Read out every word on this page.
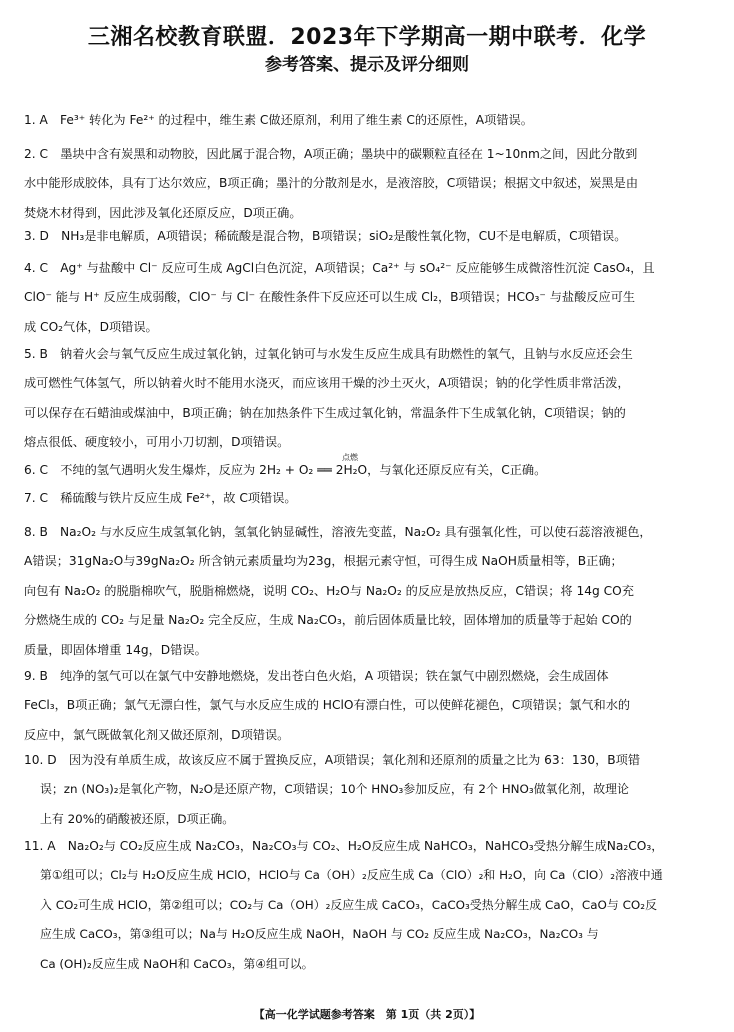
三湘名校教育联盟．2023年下学期高一期中联考．化学
参考答案、提示及评分细则

1. A　Fe³⁺ 转化为 Fe²⁺ 的过程中，维生素 C做还原剂，利用了维生素 C的还原性，A项错误。

2. C　墨块中含有炭黑和动物胶，因此属于混合物，A项正确；墨块中的碳颗粒直径在 1~10nm之间，因此分散到

水中能形成胶体，具有丁达尔效应，B项正确；墨汁的分散剂是水，是液溶胶，C项错误；根据文中叙述，炭黑是由

焚烧木材得到，因此涉及氧化还原反应，D项正确。

3. D　NH₃是非电解质，A项错误；稀硫酸是混合物，B项错误；siO₂是酸性氧化物，CU不是电解质，C项错误。

4. C　Ag⁺ 与盐酸中 Cl⁻ 反应可生成 AgCl白色沉淀，A项错误；Ca²⁺ 与 sO₄²⁻ 反应能够生成微溶性沉淀 CasO₄，且

ClO⁻ 能与 H⁺ 反应生成弱酸，ClO⁻ 与 Cl⁻ 在酸性条件下反应还可以生成 Cl₂，B项错误；HCO₃⁻ 与盐酸反应可生

成 CO₂气体，D项错误。

5. B　钠着火会与氧气反应生成过氧化钠，过氧化钠可与水发生反应生成具有助燃性的氧气，且钠与水反应还会生

成可燃性气体氢气，所以钠着火时不能用水浇灭，而应该用干燥的沙土灭火，A项错误；钠的化学性质非常活泼，

可以保存在石蜡油或煤油中，B项正确；钠在加热条件下生成过氧化钠，常温条件下生成氧化钠，C项错误；钠的

熔点很低、硬度较小，可用小刀切割，D项错误。

点燃

6. C　不纯的氢气遇明火发生爆炸，反应为 2H₂ + O₂ ══ 2H₂O，与氧化还原反应有关，C正确。

7. C　稀硫酸与铁片反应生成 Fe²⁺，故 C项错误。

8. B　Na₂O₂ 与水反应生成氢氧化钠，氢氧化钠显碱性，溶液先变蓝，Na₂O₂ 具有强氧化性，可以使石蕊溶液褪色，

A错误；31gNa₂O与39gNa₂O₂ 所含钠元素质量均为23g，根据元素守恒，可得生成 NaOH质量相等，B正确；

向包有 Na₂O₂ 的脱脂棉吹气，脱脂棉燃烧，说明 CO₂、H₂O与 Na₂O₂ 的反应是放热反应，C错误；将 14g CO充

分燃烧生成的 CO₂ 与足量 Na₂O₂ 完全反应，生成 Na₂CO₃，前后固体质量比较，固体增加的质量等于起始 CO的

质量，即固体增重 14g，D错误。

9. B　纯净的氢气可以在氯气中安静地燃烧，发出苍白色火焰，A 项错误；铁在氯气中剧烈燃烧，会生成固体

FeCl₃，B项正确；氯气无漂白性，氯气与水反应生成的 HClO有漂白性，可以使鲜花褪色，C项错误；氯气和水的

反应中，氯气既做氧化剂又做还原剂，D项错误。

10. D　因为没有单质生成，故该反应不属于置换反应，A项错误；氧化剂和还原剂的质量之比为 63：130，B项错

误；zn (NO₃)₂是氧化产物，N₂O是还原产物，C项错误；10个 HNO₃参加反应，有 2个 HNO₃做氧化剂，故理论

上有 20%的硝酸被还原，D项正确。

11. A　Na₂O₂与 CO₂反应生成 Na₂CO₃，Na₂CO₃与 CO₂、H₂O反应生成 NaHCO₃，NaHCO₃受热分解生成Na₂CO₃，

第①组可以；Cl₂与 H₂O反应生成 HClO，HClO与 Ca（OH）₂反应生成 Ca（ClO）₂和 H₂O，向 Ca（ClO）₂溶液中通

入 CO₂可生成 HClO，第②组可以；CO₂与 Ca（OH）₂反应生成 CaCO₃，CaCO₃受热分解生成 CaO，CaO与 CO₂反

应生成 CaCO₃，第③组可以；Na与 H₂O反应生成 NaOH，NaOH 与 CO₂ 反应生成 Na₂CO₃，Na₂CO₃ 与

Ca (OH)₂反应生成 NaOH和 CaCO₃，第④组可以。

【高一化学试题参考答案　第 1页（共 2页）】
